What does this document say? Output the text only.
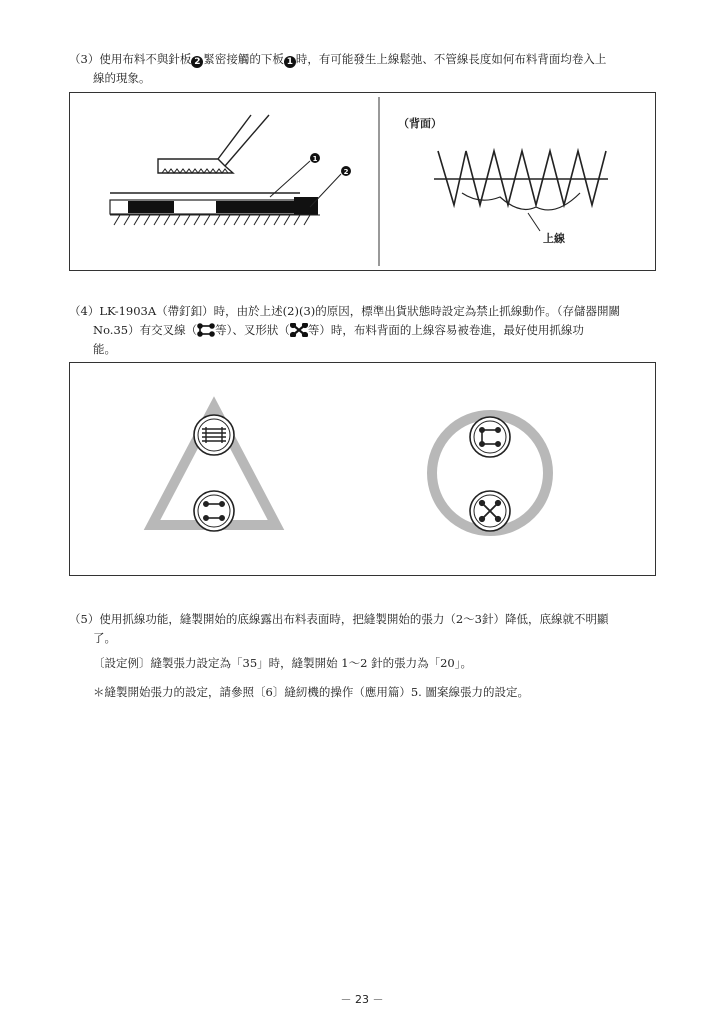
（3）使用布料不與針板 2 緊密接觸的下板 1 時，有可能發生上線鬆弛、不管線長度如何布料背面均卷入上
線的現象。
1
2
（背面）
上線
（4）LK-1903A（帶釘釦）時，由於上述(2)(3)的原因，標準出貨狀態時設定為禁止抓線動作。（存儲器開關
No.35）有交叉線（ 等）、叉形狀（ 等）時，布料背面的上線容易被卷進，最好使用抓線功
能。
（5）使用抓線功能，縫製開始的底線露出布料表面時，把縫製開始的張力（2～3針）降低，底線就不明顯
了。
〔設定例〕縫製張力設定為「35」時，縫製開始 1～2 針的張力為「20」。
＊縫製開始張力的設定，請參照〔6〕縫紉機的操作（應用篇）5. 圖案線張力的設定。
－ 23 －
